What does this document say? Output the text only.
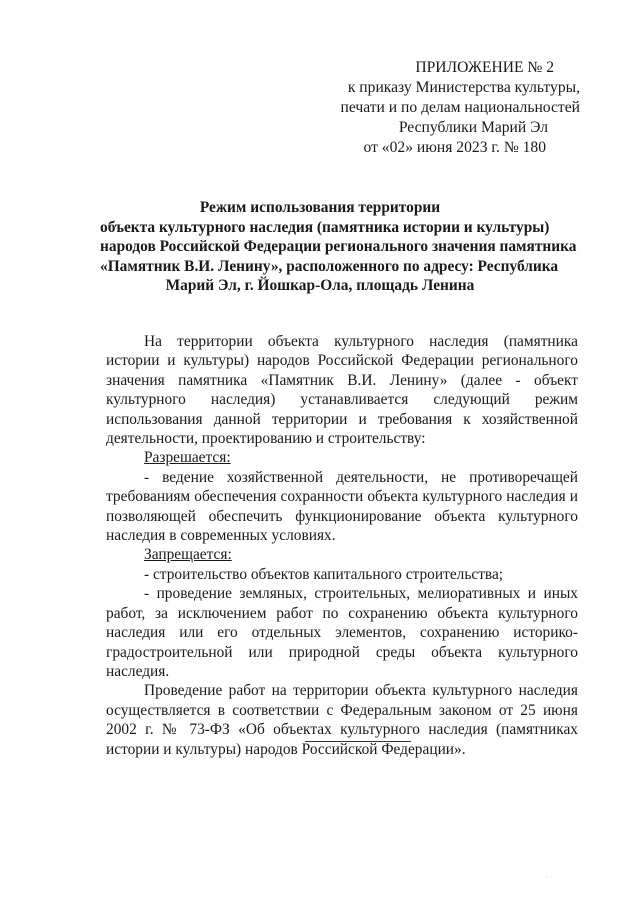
ПРИЛОЖЕНИЕ № 2
к приказу Министерства культуры,
печати и по делам национальностей
Республики Марий Эл
от «02» июня 2023 г. № 180
Режим использования территории
объекта культурного наследия (памятника истории и культуры)
народов Российской Федерации регионального значения памятника
«Памятник В.И. Ленину», расположенного по адресу: Республика
Марий Эл, г. Йошкар-Ола, площадь Ленина

На территории объекта культурного наследия (памятника истории и культуры) народов Российской Федерации регионального значения памятника «Памятник В.И. Ленину» (далее - объект культурного наследия) устанавливается следующий режим использования данной территории и требования к хозяйственной деятельности, проектированию и строительству:

Разрешается:

- ведение хозяйственной деятельности, не противоречащей требованиям обеспечения сохранности объекта культурного наследия и позволяющей обеспечить функционирование объекта культурного наследия в современных условиях.

Запрещается:

- строительство объектов капитального строительства;

- проведение земляных, строительных, мелиоративных и иных работ, за исключением работ по сохранению объекта культурного наследия или его отдельных элементов, сохранению историко-градостроительной или природной среды объекта культурного наследия.

Проведение работ на территории объекта культурного наследия осуществляется в соответствии с Федеральным законом от 25 июня 2002 г. № 73-ФЗ «Об объектах культурного наследия (памятниках истории и культуры) народов Российской Федерации».

· ·
